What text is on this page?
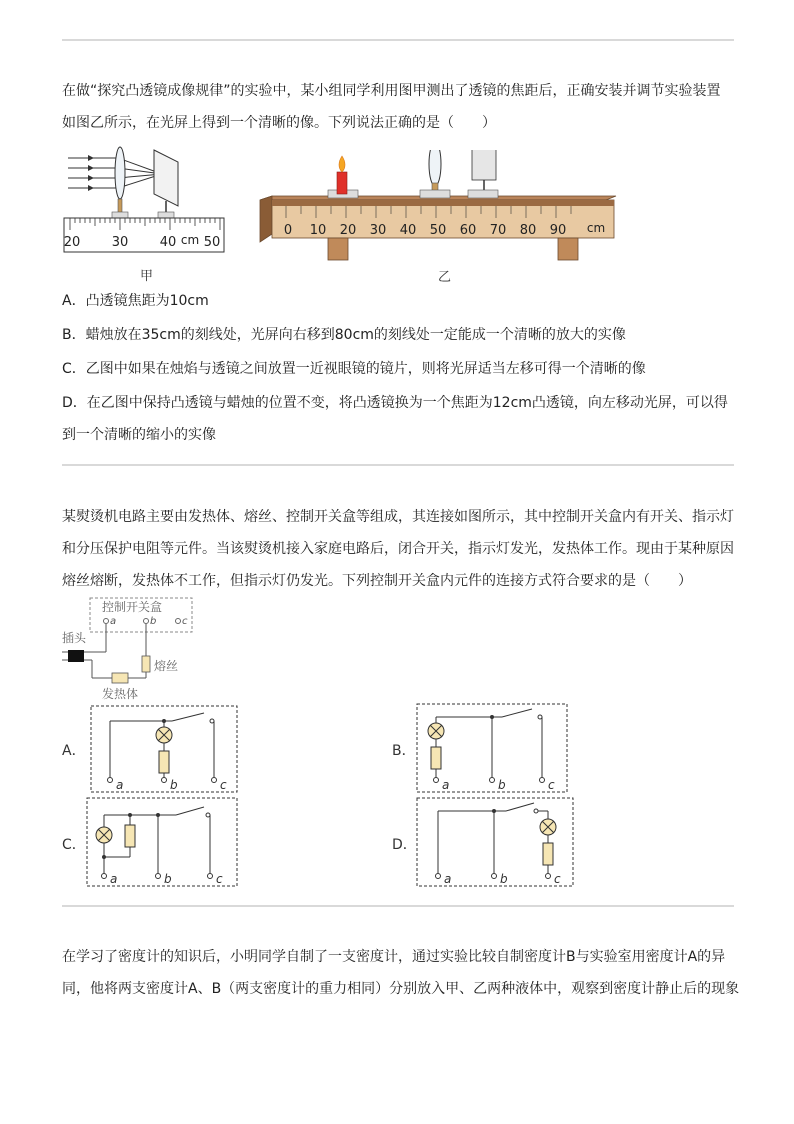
在做“探究凸透镜成像规律”的实验中，某小组同学利用图甲测出了透镜的焦距后，正确安装并调节实验装置
如图乙所示，在光屏上得到一个清晰的像。下列说法正确的是（　　）
20 30 40 cm 50
甲
0 10 20 30 40 50 60 70 80 90 cm
乙
A．凸透镜焦距为10cm
B．蜡烛放在35cm的刻线处，光屏向右移到80cm的刻线处一定能成一个清晰的放大的实像
C．乙图中如果在烛焰与透镜之间放置一近视眼镜的镜片，则将光屏适当左移可得一个清晰的像
D．在乙图中保持凸透镜与蜡烛的位置不变，将凸透镜换为一个焦距为12cm凸透镜，向左移动光屏，可以得
到一个清晰的缩小的实像
某熨烫机电路主要由发热体、熔丝、控制开关盒等组成，其连接如图所示，其中控制开关盒内有开关、指示灯
和分压保护电阻等元件。当该熨烫机接入家庭电路后，闭合开关，指示灯发光，发热体工作。现由于某种原因
熔丝熔断，发热体不工作，但指示灯仍发光。下列控制开关盒内元件的连接方式符合要求的是（　　）
控制开关盒
a	b	c
插头
熔丝
发热体
A．
a	b	c
B．
a	b	c
C．
a	b	c
D．
a	b	c
在学习了密度计的知识后，小明同学自制了一支密度计，通过实验比较自制密度计B与实验室用密度计A的异
同，他将两支密度计A、B（两支密度计的重力相同）分别放入甲、乙两种液体中，观察到密度计静止后的现象
